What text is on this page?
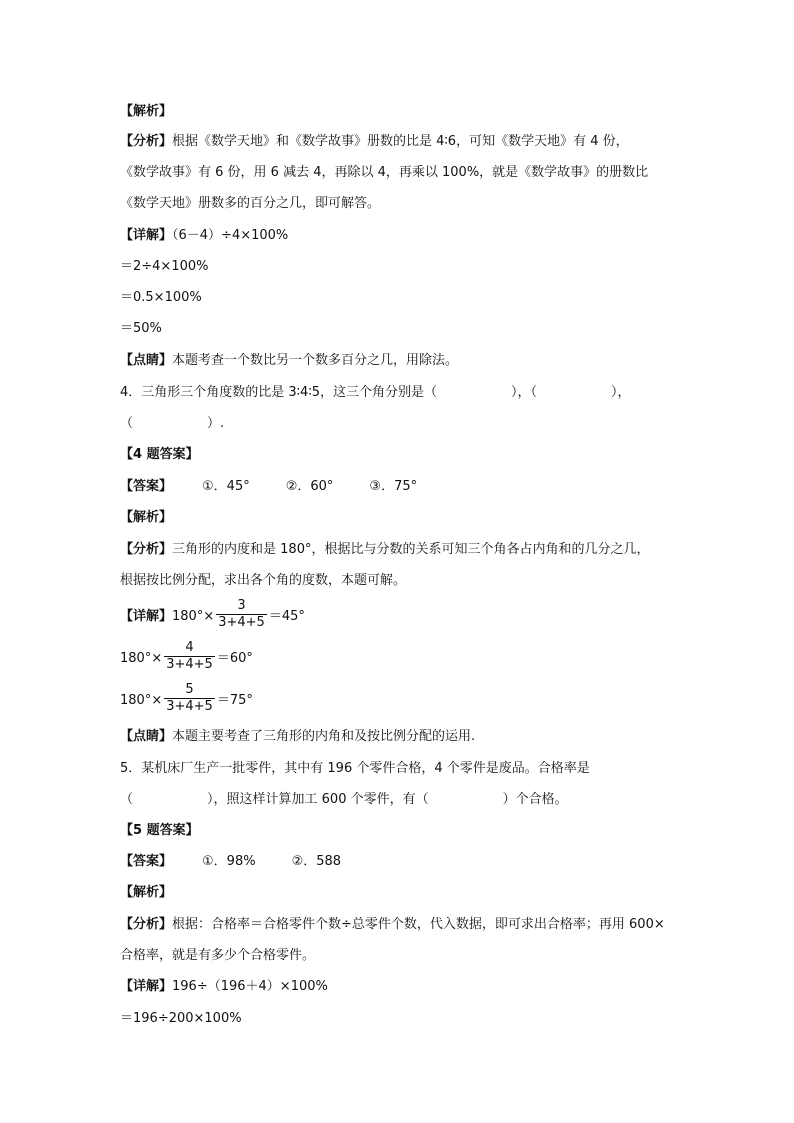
【解析】
【分析】根据《数学天地》和《数学故事》册数的比是 4∶6，可知《数学天地》有 4 份，
《数学故事》有 6 份，用 6 减去 4，再除以 4，再乘以 100%，就是《数学故事》的册数比
《数学天地》册数多的百分之几，即可解答。
【详解】（6－4）÷4×100%
＝2÷4×100%
＝0.5×100%
＝50%
【点睛】本题考查一个数比另一个数多百分之几，用除法。
4．三角形三个角度数的比是 3∶4∶5，这三个角分别是（	），（	），
（	）.
【4 题答案】
【答案】 ①．45°	②．60°	③．75°
【解析】
【分析】三角形的内度和是 180°，根据比与分数的关系可知三个角各占内角和的几分之几，
根据按比例分配，求出各个角的度数，本题可解。
【详解】$180^\circ\times \frac{3}{3+4+5} =45^\circ$
$180^\circ\times \frac{4}{3+4+5} =60^\circ$
$180^\circ\times \frac{5}{3+4+5} =75^\circ$
【点睛】本题主要考查了三角形的内角和及按比例分配的运用.
5．某机床厂生产一批零件，其中有 196 个零件合格，4 个零件是废品。合格率是
（	），照这样计算加工 600 个零件，有（	）个合格。
【5 题答案】
【答案】 ①．98%	②．588
【解析】
【分析】根据：合格率＝合格零件个数÷总零件个数，代入数据，即可求出合格率；再用 600×
合格率，就是有多少个合格零件。
【详解】196÷（196＋4）×100%
＝196÷200×100%
